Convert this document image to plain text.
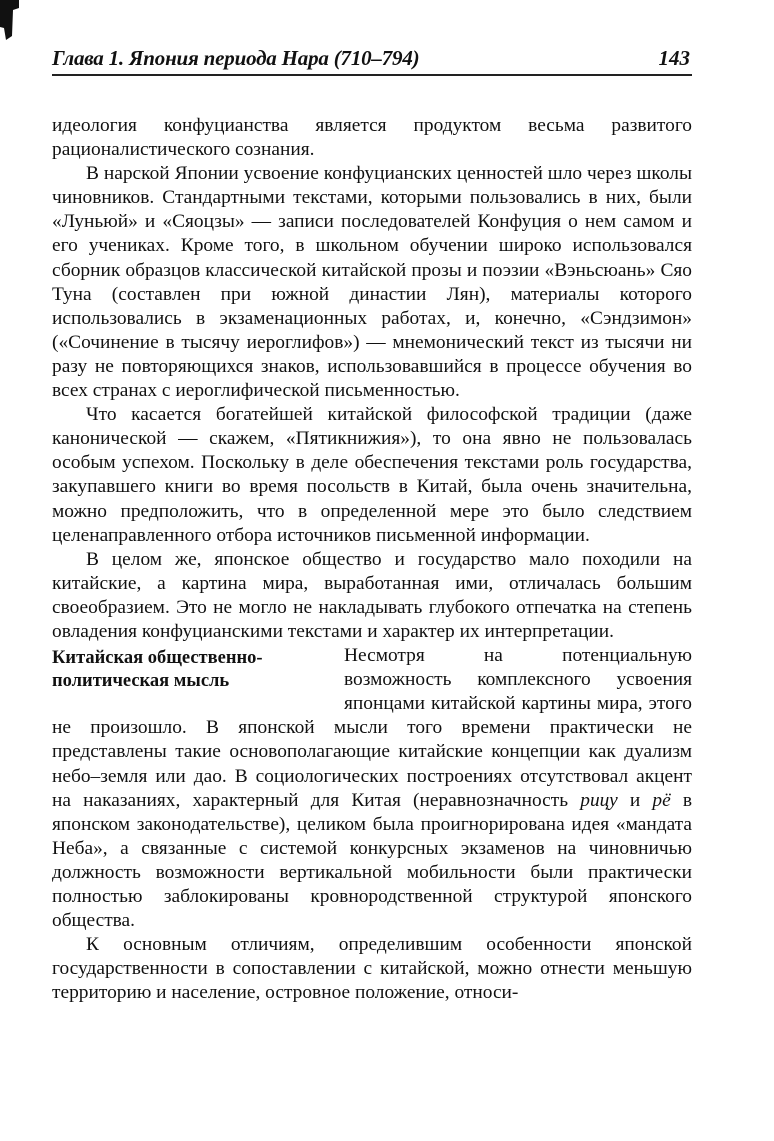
Глава 1. Япония периода Нара (710–794)	143

идеология конфуцианства является продуктом весьма развитого рационалистического сознания.

В нарской Японии усвоение конфуцианских ценностей шло через школы чиновников. Стандартными текстами, которыми пользовались в них, были «Луньюй» и «Сяоцзы» — записи последователей Конфуция о нем самом и его учениках. Кроме того, в школьном обучении широко использовался сборник образцов классической китайской прозы и поэзии «Вэньсюань» Сяо Туна (составлен при южной династии Лян), материалы которого использовались в экзаменационных работах, и, конечно, «Сэндзимон» («Сочинение в тысячу иероглифов») — мнемонический текст из тысячи ни разу не повторяющихся знаков, использовавшийся в процессе обучения во всех странах с иероглифической письменностью.

Что касается богатейшей китайской философской традиции (даже канонической — скажем, «Пятикнижия»), то она явно не пользовалась особым успехом. Поскольку в деле обеспечения текстами роль государства, закупавшего книги во время посольств в Китай, была очень значительна, можно предположить, что в определенной мере это было следствием целенаправленного отбора источников письменной информации.

В целом же, японское общество и государство мало походили на китайские, а картина мира, выработанная ими, отличалась большим своеобразием. Это не могло не накладывать глубокого отпечатка на степень овладения конфуцианскими текстами и характер их интерпретации.

Китайская общественно-политическая мысль

Несмотря на потенциальную возможность комплексного усвоения японцами китайской картины мира, этого не произошло. В японской мысли того времени практически не представлены такие основополагающие китайские концепции как дуализм небо–земля или дао. В социологических построениях отсутствовал акцент на наказаниях, характерный для Китая (неравнозначность рицу и рё в японском законодательстве), целиком была проигнорирована идея «мандата Неба», а связанные с системой конкурсных экзаменов на чиновничью должность возможности вертикальной мобильности были практически полностью заблокированы кровнородственной структурой японского общества.

К основным отличиям, определившим особенности японской государственности в сопоставлении с китайской, можно отнести меньшую территорию и население, островное положение, относи-
